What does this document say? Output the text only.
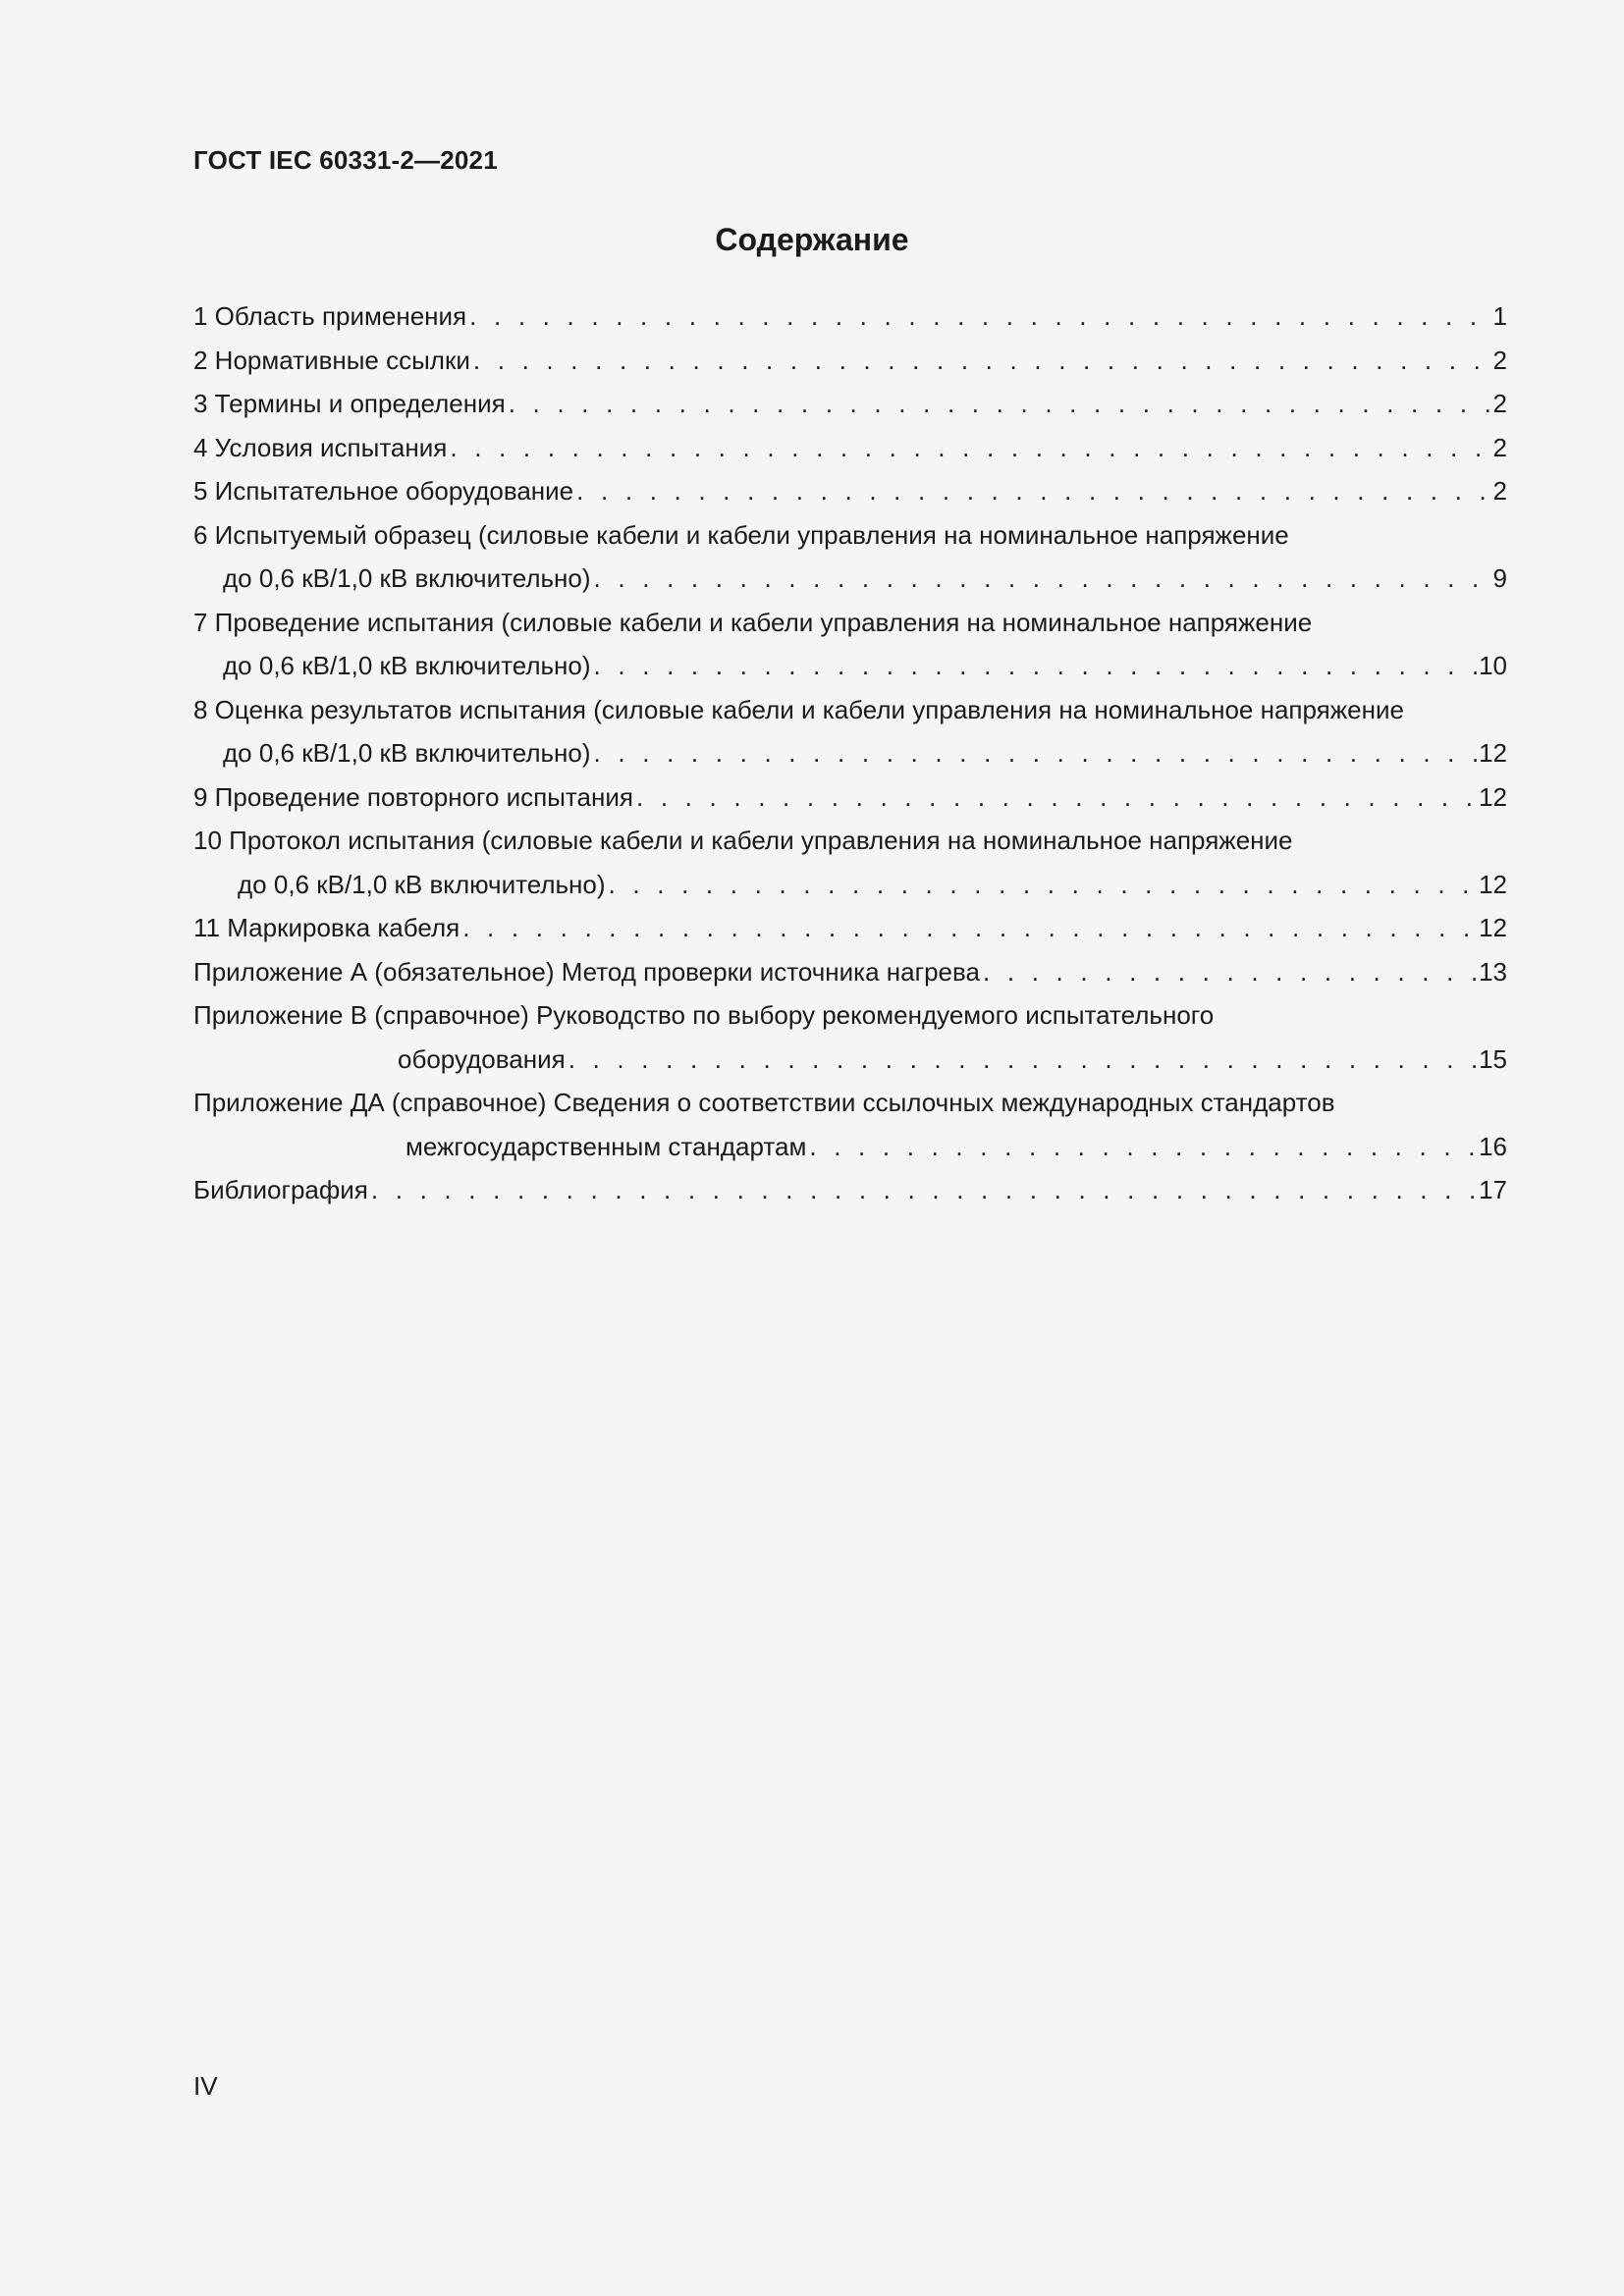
ГОСТ IEC 60331-2—2021
Содержание
1 Область применения . . .	1
2 Нормативные ссылки . . .	2
3 Термины и определения . . .	2
4 Условия испытания . . .	2
5 Испытательное оборудование . . .	2
6 Испытуемый образец (силовые кабели и кабели управления на номинальное напряжение
до 0,6 кВ/1,0 кВ включительно) . . .	9
7 Проведение испытания (силовые кабели и кабели управления на номинальное напряжение
до 0,6 кВ/1,0 кВ включительно) . . .	10
8 Оценка результатов испытания (силовые кабели и кабели управления на номинальное напряжение
до 0,6 кВ/1,0 кВ включительно) . . .	12
9 Проведение повторного испытания . . .	12
10 Протокол испытания (силовые кабели и кабели управления на номинальное напряжение
до 0,6 кВ/1,0 кВ включительно) . . .	12
11 Маркировка кабеля . . .	12
Приложение А (обязательное) Метод проверки источника нагрева . . .	13
Приложение В (справочное) Руководство по выбору рекомендуемого испытательного
оборудования . . .	15
Приложение ДА (справочное) Сведения о соответствии ссылочных международных стандартов
межгосударственным стандартам . . .	16
Библиография . . .	17
IV
